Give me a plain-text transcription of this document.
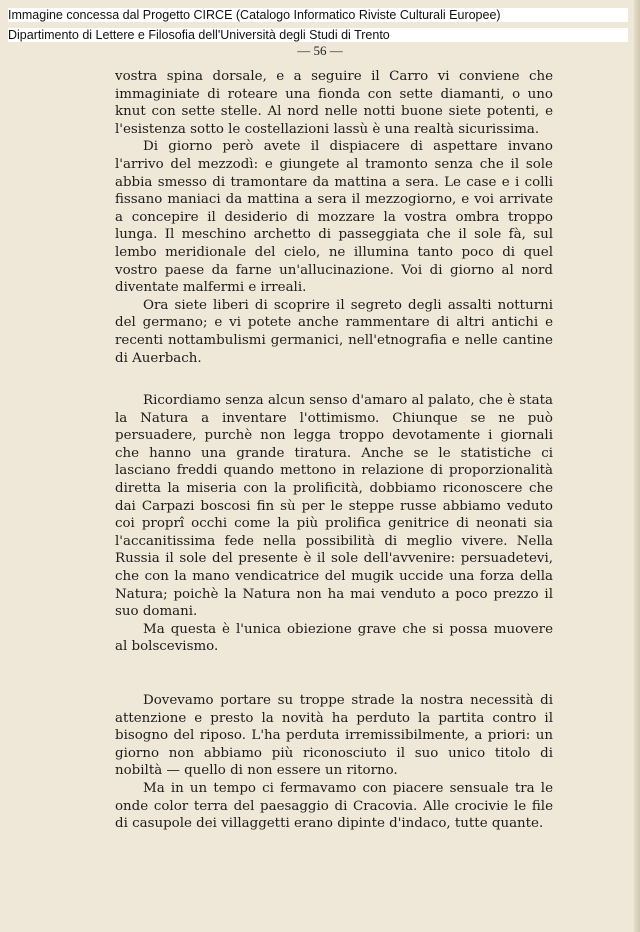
Immagine concessa dal Progetto CIRCE (Catalogo Informatico Riviste Culturali Europee)
Dipartimento di Lettere e Filosofia dell'Università degli Studi di Trento
— 56 —

vostra spina dorsale, e a seguire il Carro vi conviene che immaginiate di roteare una fionda con sette diamanti, o uno knut con sette stelle. Al nord nelle notti buone siete potenti, e l'esistenza sotto le costellazioni lassù è una realtà sicurissima.

Di giorno però avete il dispiacere di aspettare invano l'arrivo del mezzodì: e giungete al tramonto senza che il sole abbia smesso di tramontare da mattina a sera. Le case e i colli fissano maniaci da mattina a sera il mezzogiorno, e voi arrivate a concepire il desiderio di mozzare la vostra ombra troppo lunga. Il meschino archetto di passeggiata che il sole fà, sul lembo meridionale del cielo, ne illumina tanto poco di quel vostro paese da farne un'allucinazione. Voi di giorno al nord diventate malfermi e irreali.

Ora siete liberi di scoprire il segreto degli assalti notturni del germano; e vi potete anche rammentare di altri antichi e recenti nottambulismi germanici, nell'etnografia e nelle cantine di Auerbach.

Ricordiamo senza alcun senso d'amaro al palato, che è stata la Natura a inventare l'ottimismo. Chiunque se ne può persuadere, purchè non legga troppo devotamente i giornali che hanno una grande tiratura. Anche se le statistiche ci lasciano freddi quando mettono in relazione di proporzionalità diretta la miseria con la prolificità, dobbiamo riconoscere che dai Carpazi boscosi fin sù per le steppe russe abbiamo veduto coi proprî occhi come la più prolifica genitrice di neonati sia l'accanitissima fede nella possibilità di meglio vivere. Nella Russia il sole del presente è il sole dell'avvenire: persuadetevi, che con la mano vendicatrice del mugik uccide una forza della Natura; poichè la Natura non ha mai venduto a poco prezzo il suo domani.

Ma questa è l'unica obiezione grave che si possa muovere al bolscevismo.

Dovevamo portare su troppe strade la nostra necessità di attenzione e presto la novità ha perduto la partita contro il bisogno del riposo. L'ha perduta irremissibilmente, a priori: un giorno non abbiamo più riconosciuto il suo unico titolo di nobiltà — quello di non essere un ritorno.

Ma in un tempo ci fermavamo con piacere sensuale tra le onde color terra del paesaggio di Cracovia. Alle crocivie le file di casupole dei villaggetti erano dipinte d'indaco, tutte quante.
